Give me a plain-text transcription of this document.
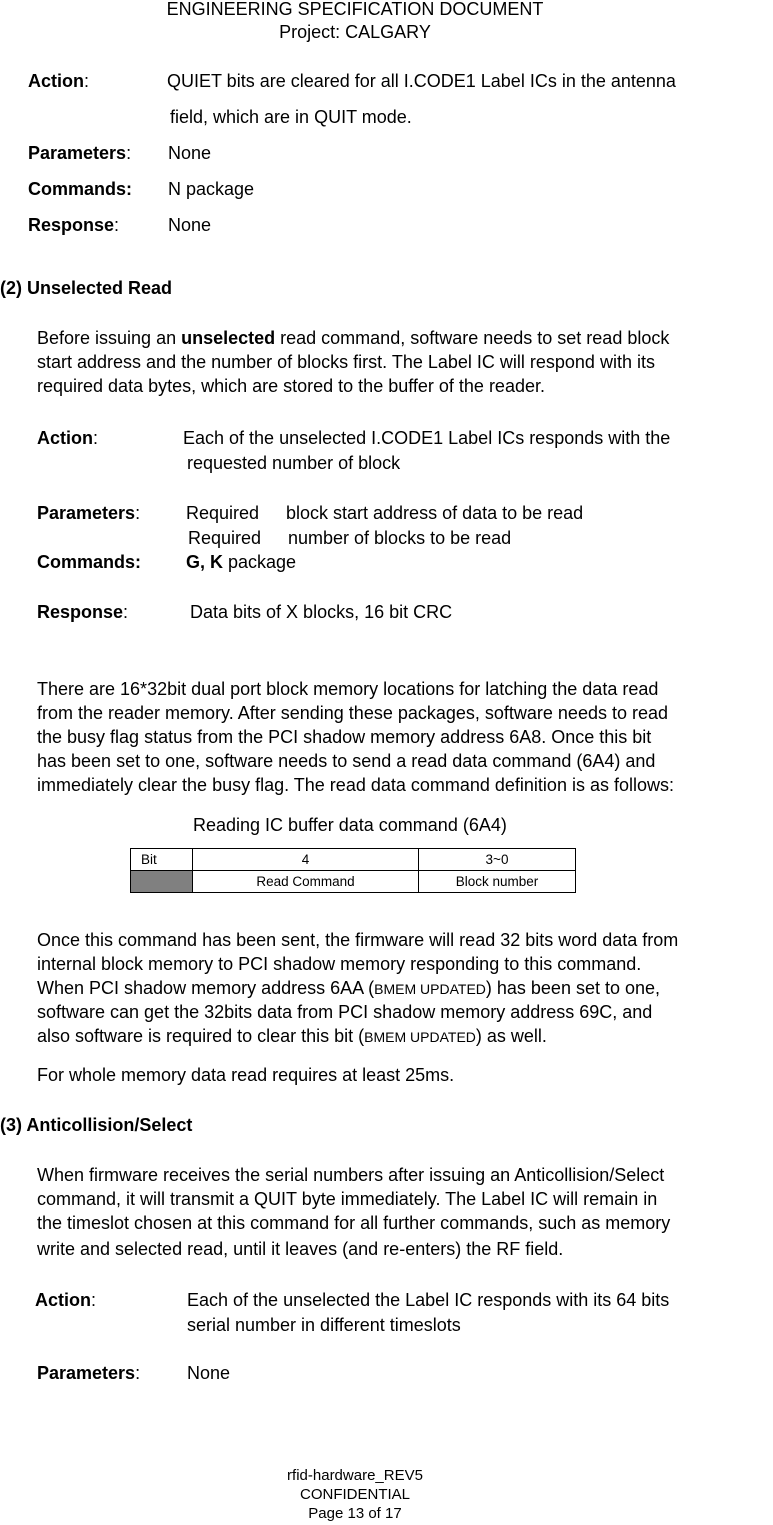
ENGINEERING SPECIFICATION DOCUMENT
Project: CALGARY
Action:	QUIET bits are cleared for all I.CODE1 Label ICs in the antenna
field, which are in QUIT mode.
Parameters: None
Commands: N package
Response:	None
(2) Unselected Read
Before issuing an unselected read command, software needs to set read block
start address and the number of blocks first. The Label IC will respond with its
required data bytes, which are stored to the buffer of the reader.
Action:	Each of the unselected I.CODE1 Label ICs responds with the
requested number of block
Parameters:	Required block start address of data to be read
Required number of blocks to be read
Commands: G, K package
Response:	Data bits of X blocks, 16 bit CRC
There are 16*32bit dual port block memory locations for latching the data read
from the reader memory. After sending these packages, software needs to read
the busy flag status from the PCI shadow memory address 6A8. Once this bit
has been set to one, software needs to send a read data command (6A4) and
immediately clear the busy flag. The read data command definition is as follows:
Reading IC buffer data command (6A4)
Bit	4	3~0
	Read Command	Block number
Once this command has been sent, the firmware will read 32 bits word data from
internal block memory to PCI shadow memory responding to this command.
When PCI shadow memory address 6AA (BMEM UPDATED) has been set to one,
software can get the 32bits data from PCI shadow memory address 69C, and
also software is required to clear this bit (BMEM UPDATED) as well.
For whole memory data read requires at least 25ms.
(3) Anticollision/Select
When firmware receives the serial numbers after issuing an Anticollision/Select
command, it will transmit a QUIT byte immediately. The Label IC will remain in
the timeslot chosen at this command for all further commands, such as memory
write and selected read, until it leaves (and re-enters) the RF field.
Action:	Each of the unselected the Label IC responds with its 64 bits
serial number in different timeslots
Parameters:	None
rfid-hardware_REV5
CONFIDENTIAL
Page 13 of 17
